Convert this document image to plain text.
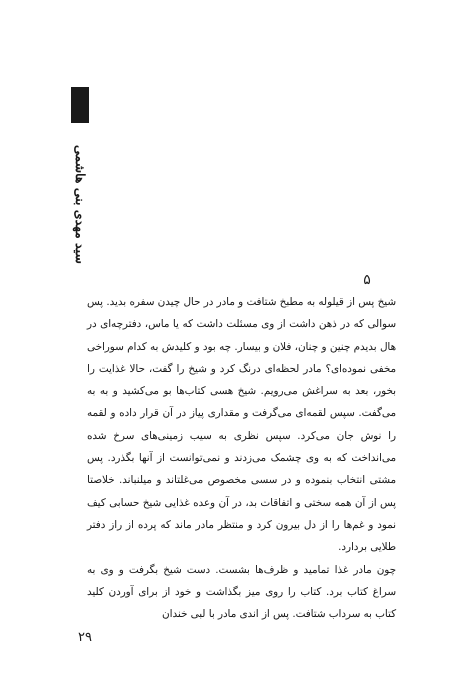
سید مهدی بنی هاشمی
۵

شیخ پس از قیلوله به مطبخ شتافت و مادر در حال چیدن سفره بدید. پس سوالی که در ذهن داشت از وی مسئلت داشت که یا ماس، دفترچه‌ای در هال بدیدم چنین و چنان، فلان و بیسار. چه بود و کلیدش به کدام سوراخی مخفی نموده‌ای؟ مادر لحظه‌ای درنگ کرد و شیخ را گفت، حالا غذایت را بخور، بعد به سراغش می‌رویم. شیخ هسی کتاب‌ها بو می‌کشید و به به می‌گفت. سپس لقمه‌ای می‌گرفت و مقداری پیاز در آن قرار داده و لقمه را نوش جان می‌کرد. سپس نظری به سیب زمینی‌های سرخ شده می‌انداخت که به وی چشمک می‌زدند و نمی‌توانست از آنها بگذرد. پس مشتی انتخاب بنموده و در سسی مخصوص می‌غلتاند و میلنباند. خلاصتا پس از آن همه سختی و اتفاقات بد، در آن وعده غذایی شیخ حسابی کیف نمود و غم‌ها را از دل بیرون کرد و منتظر مادر ماند که پرده از راز دفتر طلایی بردارد.

چون مادر غذا تمامید و ظرف‌ها بشست. دست شیخ بگرفت و وی به سراغ کتاب برد. کتاب را روی میز بگذاشت و خود از برای آوردن کلید کتاب به سرداب شتافت. پس از اندی مادر با لبی خندان

۲۹
